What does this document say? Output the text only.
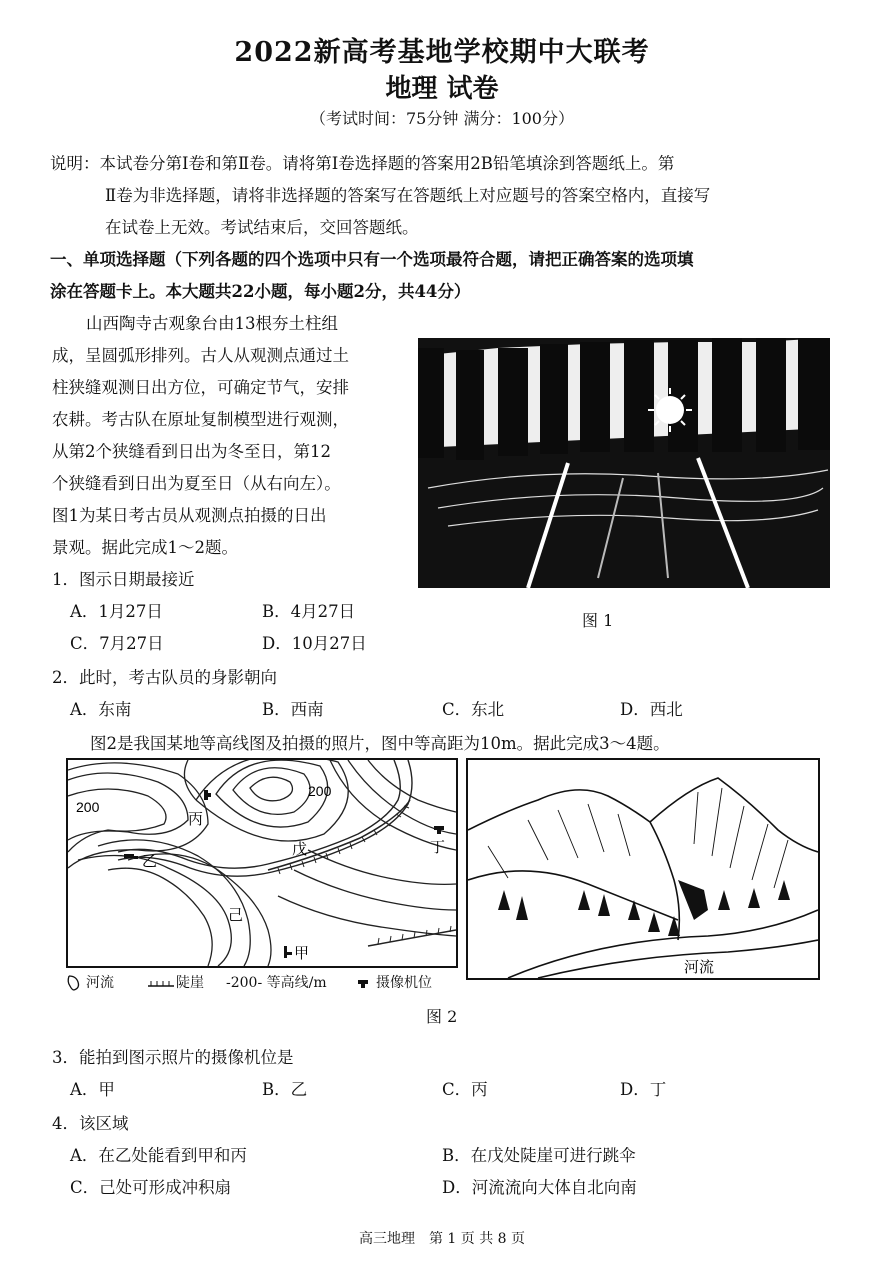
2022新高考基地学校期中大联考
地理 试卷
（考试时间：75分钟 满分：100分）
说明：本试卷分第Ⅰ卷和第Ⅱ卷。请将第Ⅰ卷选择题的答案用2B铅笔填涂到答题纸上。第
Ⅱ卷为非选择题，请将非选择题的答案写在答题纸上对应题号的答案空格内，直接写
在试卷上无效。考试结束后，交回答题纸。
一、单项选择题（下列各题的四个选项中只有一个选项最符合题，请把正确答案的选项填
涂在答题卡上。本大题共22小题，每小题2分，共44分）
山西陶寺古观象台由13根夯土柱组
成，呈圆弧形排列。古人从观测点通过土
柱狭缝观测日出方位，可确定节气，安排
农耕。考古队在原址复制模型进行观测，
从第2个狭缝看到日出为冬至日，第12
个狭缝看到日出为夏至日（从右向左）。
图1为某日考古员从观测点拍摄的日出
景观。据此完成1～2题。
图 1
1．图示日期最接近
A．1月27日	B．4月27日
C．7月27日	D．10月27日
2．此时，考古队员的身影朝向
A．东南	B．西南	C．东北	D．西北
图2是我国某地等高线图及拍摄的照片，图中等高距为10m。据此完成3～4题。
200
200
丙
丁
戊
乙
己
甲
河流
河流	陡崖 -200- 等高线/m	摄像机位
图 2
3．能拍到图示照片的摄像机位是
A．甲	B．乙	C．丙	D．丁
4．该区域
A．在乙处能看到甲和丙	B．在戊处陡崖可进行跳伞
C．己处可形成冲积扇	D．河流流向大体自北向南
高三地理　第 1 页 共 8 页
